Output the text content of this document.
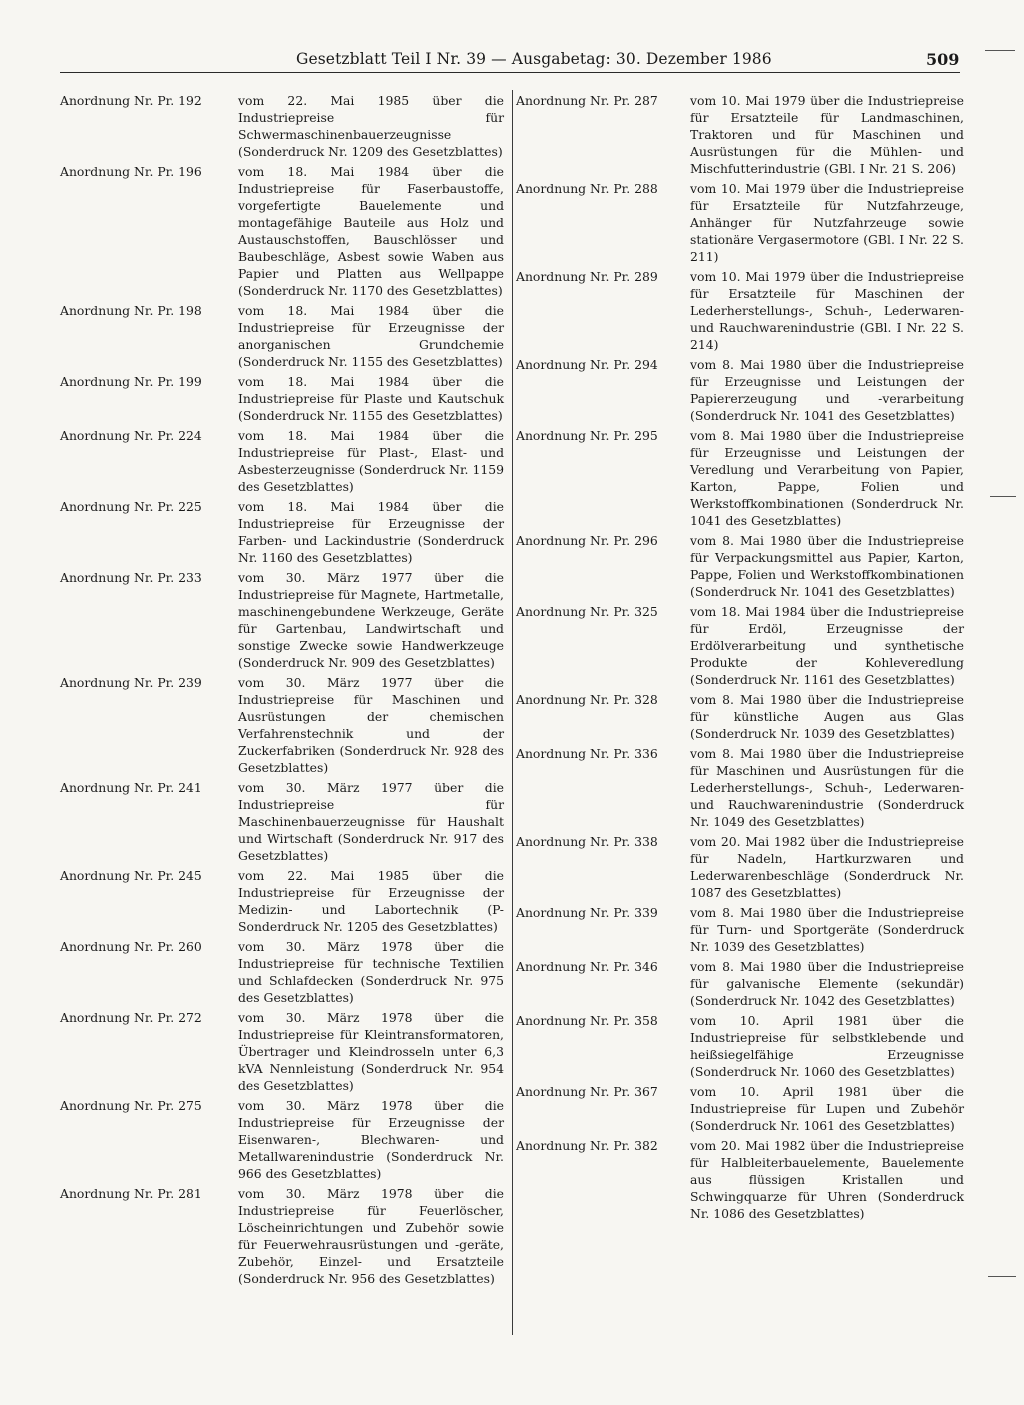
Gesetzblatt Teil I Nr. 39 — Ausgabetag: 30. Dezember 1986	509
Anordnung Nr. Pr. 192	vom 22. Mai 1985 über die Industriepreise für Schwermaschinenbauerzeugnisse (Sonderdruck Nr. 1209 des Gesetzblattes)
Anordnung Nr. Pr. 196	vom 18. Mai 1984 über die Industriepreise für Faserbaustoffe, vorgefertigte Bauelemente und montagefähige Bauteile aus Holz und Austauschstoffen, Bauschlösser und Baubeschläge, Asbest sowie Waben aus Papier und Platten aus Wellpappe (Sonderdruck Nr. 1170 des Gesetzblattes)
Anordnung Nr. Pr. 198	vom 18. Mai 1984 über die Industriepreise für Erzeugnisse der anorganischen Grundchemie (Sonderdruck Nr. 1155 des Gesetzblattes)
Anordnung Nr. Pr. 199	vom 18. Mai 1984 über die Industriepreise für Plaste und Kautschuk (Sonderdruck Nr. 1155 des Gesetzblattes)
Anordnung Nr. Pr. 224	vom 18. Mai 1984 über die Industriepreise für Plast-, Elast- und Asbesterzeugnisse (Sonderdruck Nr. 1159 des Gesetzblattes)
Anordnung Nr. Pr. 225	vom 18. Mai 1984 über die Industriepreise für Erzeugnisse der Farben- und Lackindustrie (Sonderdruck Nr. 1160 des Gesetzblattes)
Anordnung Nr. Pr. 233	vom 30. März 1977 über die Industriepreise für Magnete, Hartmetalle, maschinengebundene Werkzeuge, Geräte für Gartenbau, Landwirtschaft und sonstige Zwecke sowie Handwerkzeuge (Sonderdruck Nr. 909 des Gesetzblattes)
Anordnung Nr. Pr. 239	vom 30. März 1977 über die Industriepreise für Maschinen und Ausrüstungen der chemischen Verfahrenstechnik und der Zuckerfabriken (Sonderdruck Nr. 928 des Gesetzblattes)
Anordnung Nr. Pr. 241	vom 30. März 1977 über die Industriepreise für Maschinenbauerzeugnisse für Haushalt und Wirtschaft (Sonderdruck Nr. 917 des Gesetzblattes)
Anordnung Nr. Pr. 245	vom 22. Mai 1985 über die Industriepreise für Erzeugnisse der Medizin- und Labortechnik (P-Sonderdruck Nr. 1205 des Gesetzblattes)
Anordnung Nr. Pr. 260	vom 30. März 1978 über die Industriepreise für technische Textilien und Schlafdecken (Sonderdruck Nr. 975 des Gesetzblattes)
Anordnung Nr. Pr. 272	vom 30. März 1978 über die Industriepreise für Kleintransformatoren, Übertrager und Kleindrosseln unter 6,3 kVA Nennleistung (Sonderdruck Nr. 954 des Gesetzblattes)
Anordnung Nr. Pr. 275	vom 30. März 1978 über die Industriepreise für Erzeugnisse der Eisenwaren-, Blechwaren- und Metallwarenindustrie (Sonderdruck Nr. 966 des Gesetzblattes)
Anordnung Nr. Pr. 281	vom 30. März 1978 über die Industriepreise für Feuerlöscher, Löscheinrichtungen und Zubehör sowie für Feuerwehrausrüstungen und -geräte, Zubehör, Einzel- und Ersatzteile (Sonderdruck Nr. 956 des Gesetzblattes)
Anordnung Nr. Pr. 287	vom 10. Mai 1979 über die Industriepreise für Ersatzteile für Landmaschinen, Traktoren und für Maschinen und Ausrüstungen für die Mühlen- und Mischfutterindustrie (GBl. I Nr. 21 S. 206)
Anordnung Nr. Pr. 288	vom 10. Mai 1979 über die Industriepreise für Ersatzteile für Nutzfahrzeuge, Anhänger für Nutzfahrzeuge sowie stationäre Vergasermotore (GBl. I Nr. 22 S. 211)
Anordnung Nr. Pr. 289	vom 10. Mai 1979 über die Industriepreise für Ersatzteile für Maschinen der Lederherstellungs-, Schuh-, Lederwaren- und Rauchwarenindustrie (GBl. I Nr. 22 S. 214)
Anordnung Nr. Pr. 294	vom 8. Mai 1980 über die Industriepreise für Erzeugnisse und Leistungen der Papiererzeugung und -verarbeitung (Sonderdruck Nr. 1041 des Gesetzblattes)
Anordnung Nr. Pr. 295	vom 8. Mai 1980 über die Industriepreise für Erzeugnisse und Leistungen der Veredlung und Verarbeitung von Papier, Karton, Pappe, Folien und Werkstoffkombinationen (Sonderdruck Nr. 1041 des Gesetzblattes)
Anordnung Nr. Pr. 296	vom 8. Mai 1980 über die Industriepreise für Verpackungsmittel aus Papier, Karton, Pappe, Folien und Werkstoffkombinationen (Sonderdruck Nr. 1041 des Gesetzblattes)
Anordnung Nr. Pr. 325	vom 18. Mai 1984 über die Industriepreise für Erdöl, Erzeugnisse der Erdölverarbeitung und synthetische Produkte der Kohleveredlung (Sonderdruck Nr. 1161 des Gesetzblattes)
Anordnung Nr. Pr. 328	vom 8. Mai 1980 über die Industriepreise für künstliche Augen aus Glas (Sonderdruck Nr. 1039 des Gesetzblattes)
Anordnung Nr. Pr. 336	vom 8. Mai 1980 über die Industriepreise für Maschinen und Ausrüstungen für die Lederherstellungs-, Schuh-, Lederwaren- und Rauchwarenindustrie (Sonderdruck Nr. 1049 des Gesetzblattes)
Anordnung Nr. Pr. 338	vom 20. Mai 1982 über die Industriepreise für Nadeln, Hartkurzwaren und Lederwarenbeschläge (Sonderdruck Nr. 1087 des Gesetzblattes)
Anordnung Nr. Pr. 339	vom 8. Mai 1980 über die Industriepreise für Turn- und Sportgeräte (Sonderdruck Nr. 1039 des Gesetzblattes)
Anordnung Nr. Pr. 346	vom 8. Mai 1980 über die Industriepreise für galvanische Elemente (sekundär) (Sonderdruck Nr. 1042 des Gesetzblattes)
Anordnung Nr. Pr. 358	vom 10. April 1981 über die Industriepreise für selbstklebende und heißsiegelfähige Erzeugnisse (Sonderdruck Nr. 1060 des Gesetzblattes)
Anordnung Nr. Pr. 367	vom 10. April 1981 über die Industriepreise für Lupen und Zubehör (Sonderdruck Nr. 1061 des Gesetzblattes)
Anordnung Nr. Pr. 382	vom 20. Mai 1982 über die Industriepreise für Halbleiterbauelemente, Bauelemente aus flüssigen Kristallen und Schwingquarze für Uhren (Sonderdruck Nr. 1086 des Gesetzblattes)
